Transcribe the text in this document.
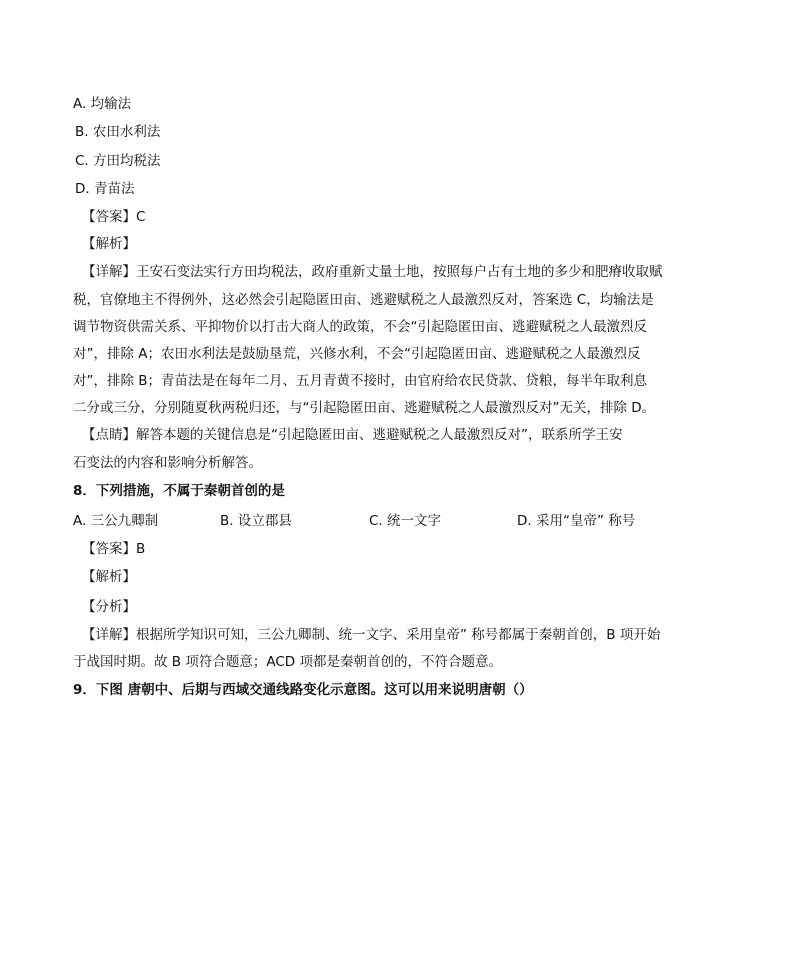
A. 均输法
B. 农田水利法
C. 方田均税法
D. 青苗法
【答案】C
【解析】
【详解】王安石变法实行方田均税法，政府重新丈量土地，按照每户占有土地的多少和肥瘠收取赋
税，官僚地主不得例外，这必然会引起隐匿田亩、逃避赋税之人最激烈反对，答案选 C，均输法是
调节物资供需关系、平抑物价以打击大商人的政策，不会“引起隐匿田亩、逃避赋税之人最激烈反
对”，排除 A；农田水利法是鼓励垦荒，兴修水利，不会“引起隐匿田亩、逃避赋税之人最激烈反
对”，排除 B；青苗法是在每年二月、五月青黄不接时，由官府给农民贷款、贷粮，每半年取利息
二分或三分，分别随夏秋两税归还，与“引起隐匿田亩、逃避赋税之人最激烈反对”无关，排除 D。
【点睛】解答本题的关键信息是“引起隐匿田亩、逃避赋税之人最激烈反对”，联系所学王安
石变法的内容和影响分析解答。
8．下列措施，不属于秦朝首创的是
A. 三公九卿制	B. 设立郡县	C. 统一文字	D. 采用“皇帝” 称号
【答案】B
【解析】
【分析】
【详解】根据所学知识可知，三公九卿制、统一文字、采用皇帝” 称号都属于秦朝首创，B 项开始
于战国时期。故 B 项符合题意；ACD 项都是秦朝首创的，不符合题意。
9．下图 唐朝中、后期与西域交通线路变化示意图。这可以用来说明唐朝（）
